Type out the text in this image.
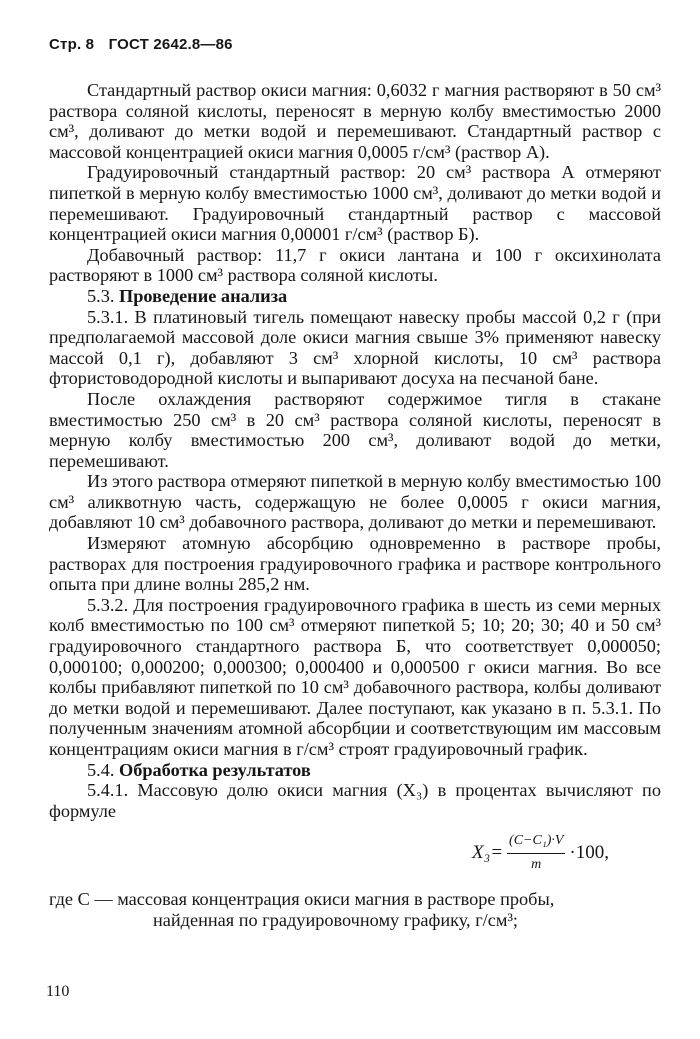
Стр. 8 ГОСТ 2642.8—86

Стандартный раствор окиси магния: 0,6032 г магния растворяют в 50 см³ раствора соляной кислоты, переносят в мерную колбу вместимостью 2000 см³, доливают до метки водой и перемешивают. Стандартный раствор с массовой концентрацией окиси магния 0,0005 г/см³ (раствор А).

Градуировочный стандартный раствор: 20 см³ раствора А отмеряют пипеткой в мерную колбу вместимостью 1000 см³, доливают до метки водой и перемешивают. Градуировочный стандартный раствор с массовой концентрацией окиси магния 0,00001 г/см³ (раствор Б).

Добавочный раствор: 11,7 г окиси лантана и 100 г оксихинолата растворяют в 1000 см³ раствора соляной кислоты.

5.3. Проведение анализа

5.3.1. В платиновый тигель помещают навеску пробы массой 0,2 г (при предполагаемой массовой доле окиси магния свыше 3% применяют навеску массой 0,1 г), добавляют 3 см³ хлорной кислоты, 10 см³ раствора фтористоводородной кислоты и выпаривают досуха на песчаной бане.

После охлаждения растворяют содержимое тигля в стакане вместимостью 250 см³ в 20 см³ раствора соляной кислоты, переносят в мерную колбу вместимостью 200 см³, доливают водой до метки, перемешивают.

Из этого раствора отмеряют пипеткой в мерную колбу вместимостью 100 см³ аликвотную часть, содержащую не более 0,0005 г окиси магния, добавляют 10 см³ добавочного раствора, доливают до метки и перемешивают.

Измеряют атомную абсорбцию одновременно в растворе пробы, растворах для построения градуировочного графика и растворе контрольного опыта при длине волны 285,2 нм.

5.3.2. Для построения градуировочного графика в шесть из семи мерных колб вместимостью по 100 см³ отмеряют пипеткой 5; 10; 20; 30; 40 и 50 см³ градуировочного стандартного раствора Б, что соответствует 0,000050; 0,000100; 0,000200; 0,000300; 0,000400 и 0,000500 г окиси магния. Во все колбы прибавляют пипеткой по 10 см³ добавочного раствора, колбы доливают до метки водой и перемешивают. Далее поступают, как указано в п. 5.3.1. По полученным значениям атомной абсорбции и соответствующим им массовым концентрациям окиси магния в г/см³ строят градуировочный график.

5.4. Обработка результатов

5.4.1. Массовую долю окиси магния (X₃) в процентах вычисляют по формуле

$X_3= \frac{\text{(C−C₁)·V}}{m} \cdot 100$,

где C — массовая концентрация окиси магния в растворе пробы,

найденная по градуировочному графику, г/см³;

110
